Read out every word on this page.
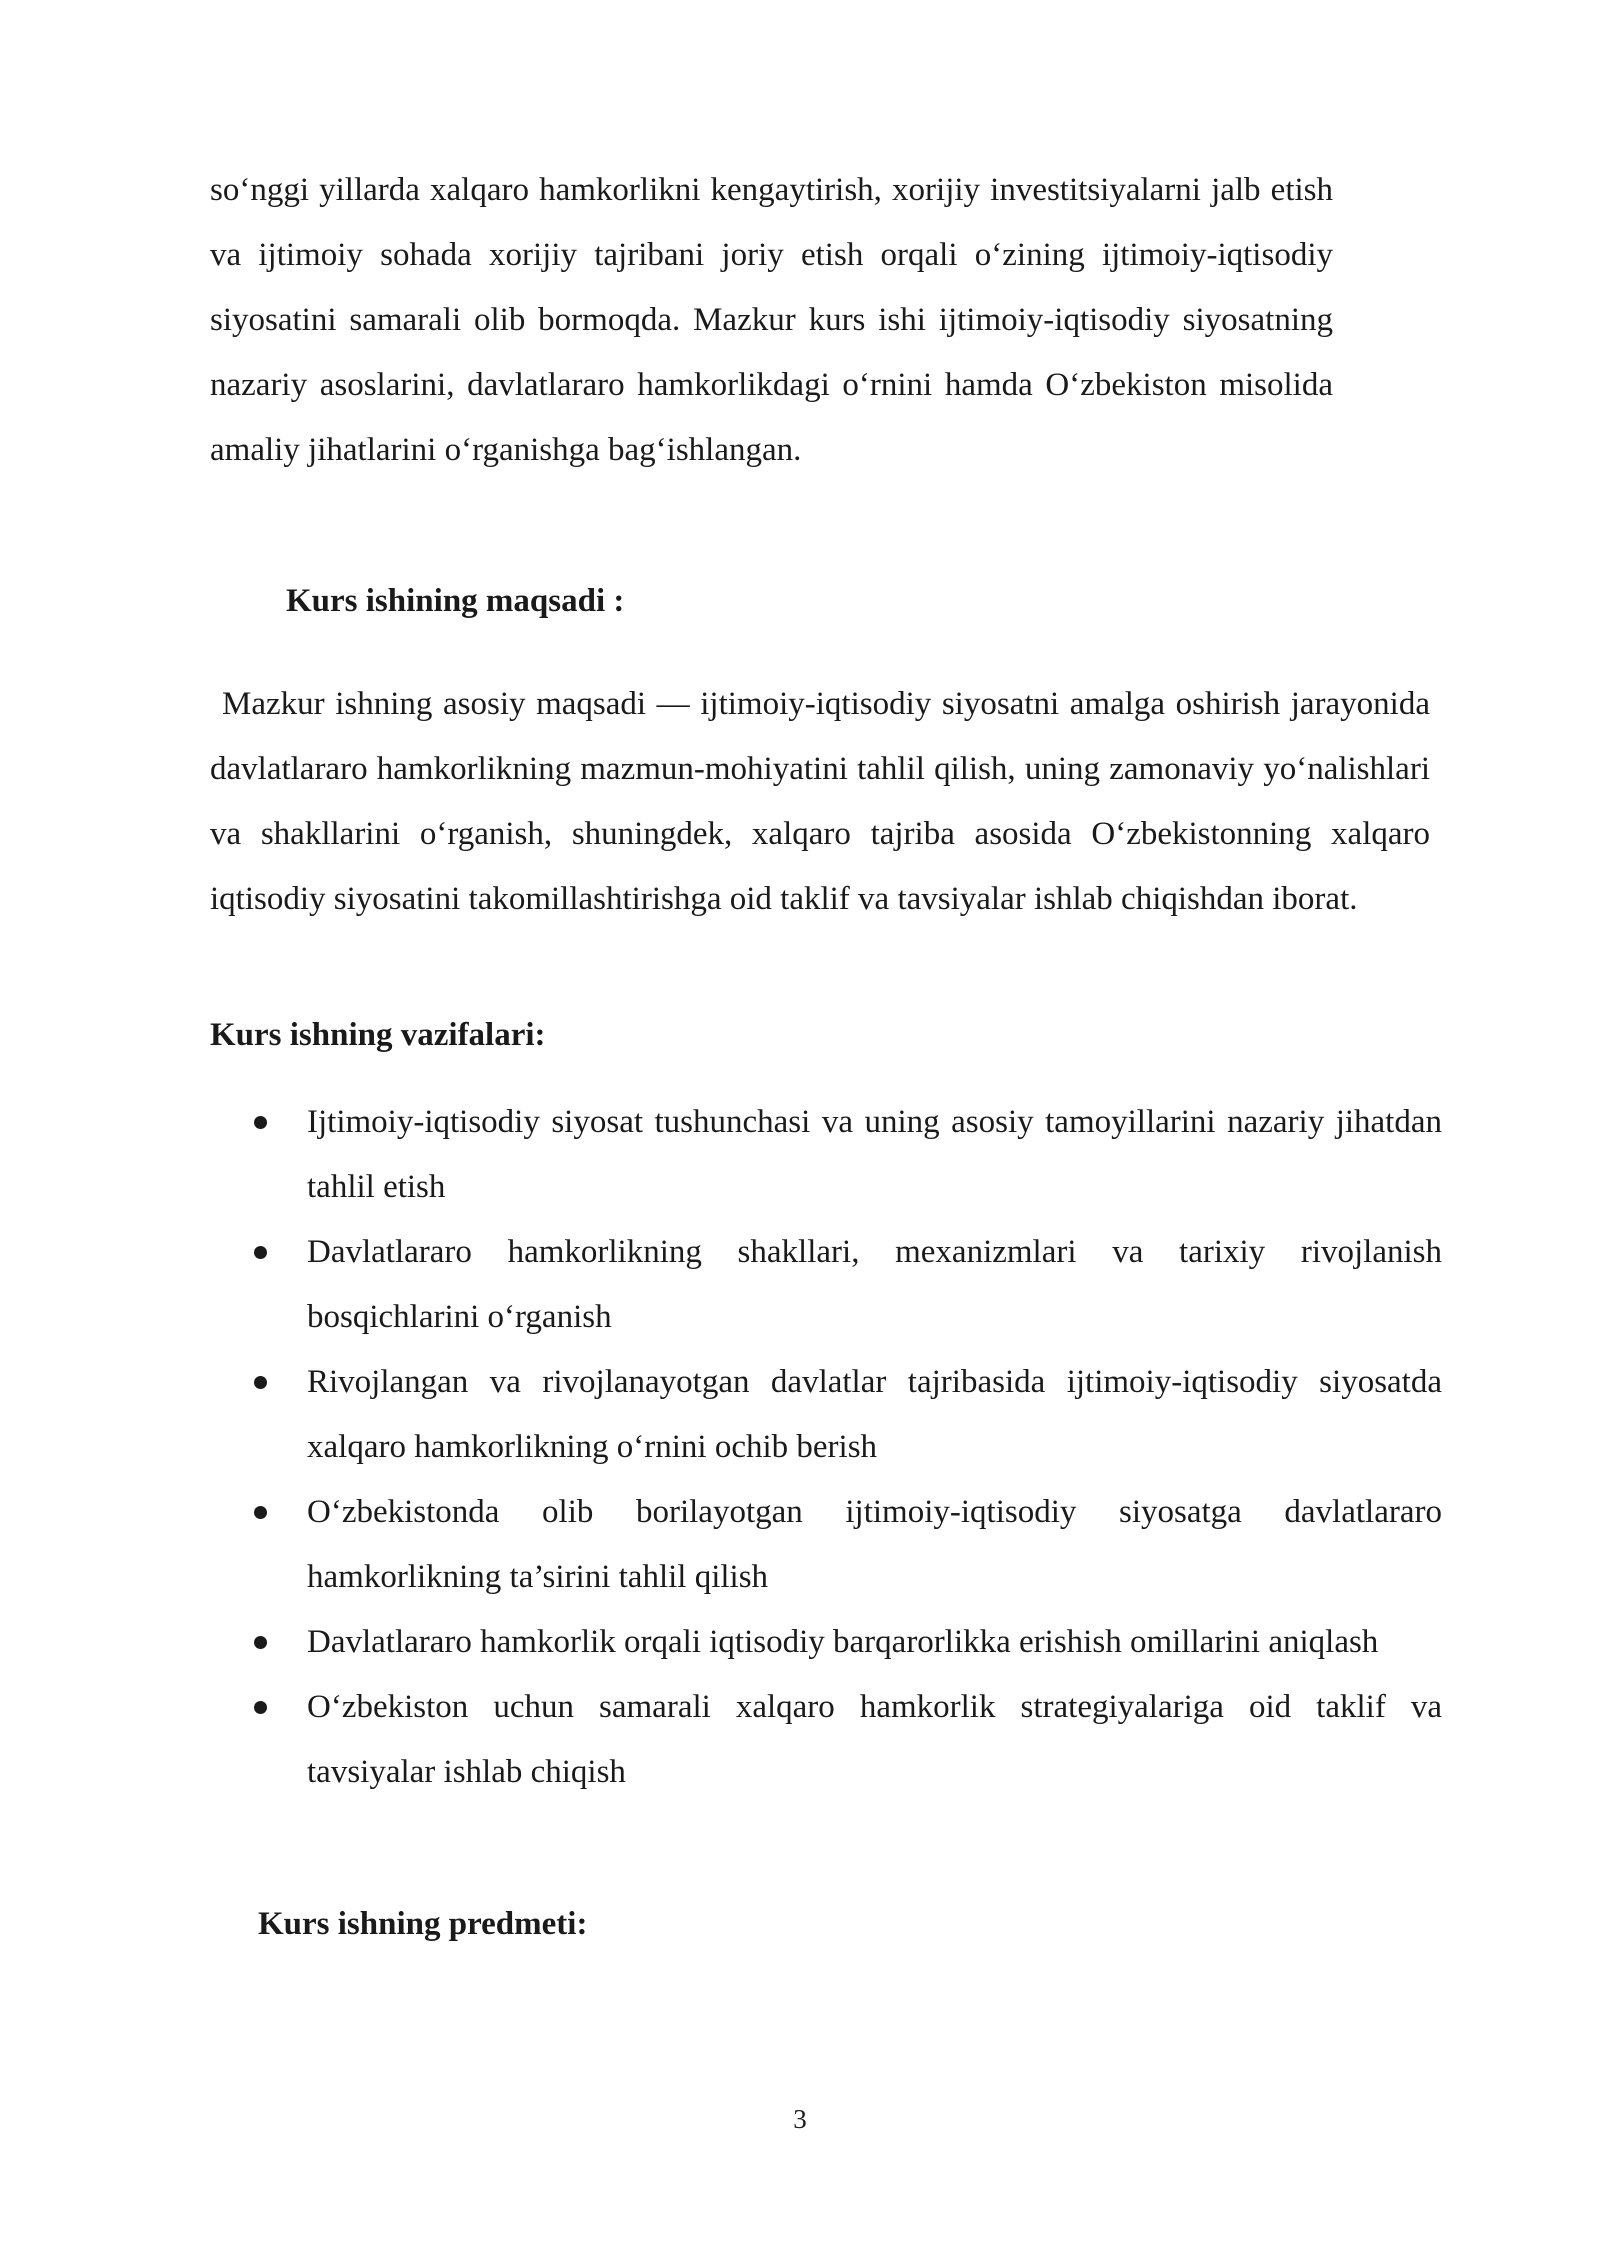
so‘nggi yillarda xalqaro hamkorlikni kengaytirish, xorijiy investitsiyalarni jalb etish va ijtimoiy sohada xorijiy tajribani joriy etish orqali o‘zining ijtimoiy-iqtisodiy siyosatini samarali olib bormoqda. Mazkur kurs ishi ijtimoiy-iqtisodiy siyosatning nazariy asoslarini, davlatlararo hamkorlikdagi o‘rnini hamda O‘zbekiston misolida amaliy jihatlarini o‘rganishga bag‘ishlangan.

Kurs ishining maqsadi :

Mazkur ishning asosiy maqsadi — ijtimoiy-iqtisodiy siyosatni amalga oshirish jarayonida davlatlararo hamkorlikning mazmun-mohiyatini tahlil qilish, uning zamonaviy yo‘nalishlari va shakllarini o‘rganish, shuningdek, xalqaro tajriba asosida O‘zbekistonning xalqaro iqtisodiy siyosatini takomillashtirishga oid taklif va tavsiyalar ishlab chiqishdan iborat.

Kurs ishning vazifalari:
Ijtimoiy-iqtisodiy siyosat tushunchasi va uning asosiy tamoyillarini nazariy jihatdan tahlil etish
Davlatlararo hamkorlikning shakllari, mexanizmlari va tarixiy rivojlanish bosqichlarini o‘rganish
Rivojlangan va rivojlanayotgan davlatlar tajribasida ijtimoiy-iqtisodiy siyosatda xalqaro hamkorlikning o‘rnini ochib berish
O‘zbekistonda olib borilayotgan ijtimoiy-iqtisodiy siyosatga davlatlararo hamkorlikning ta’sirini tahlil qilish
Davlatlararo hamkorlik orqali iqtisodiy barqarorlikka erishish omillarini aniqlash
O‘zbekiston uchun samarali xalqaro hamkorlik strategiyalariga oid taklif va tavsiyalar ishlab chiqish
Kurs ishning predmeti:
3
